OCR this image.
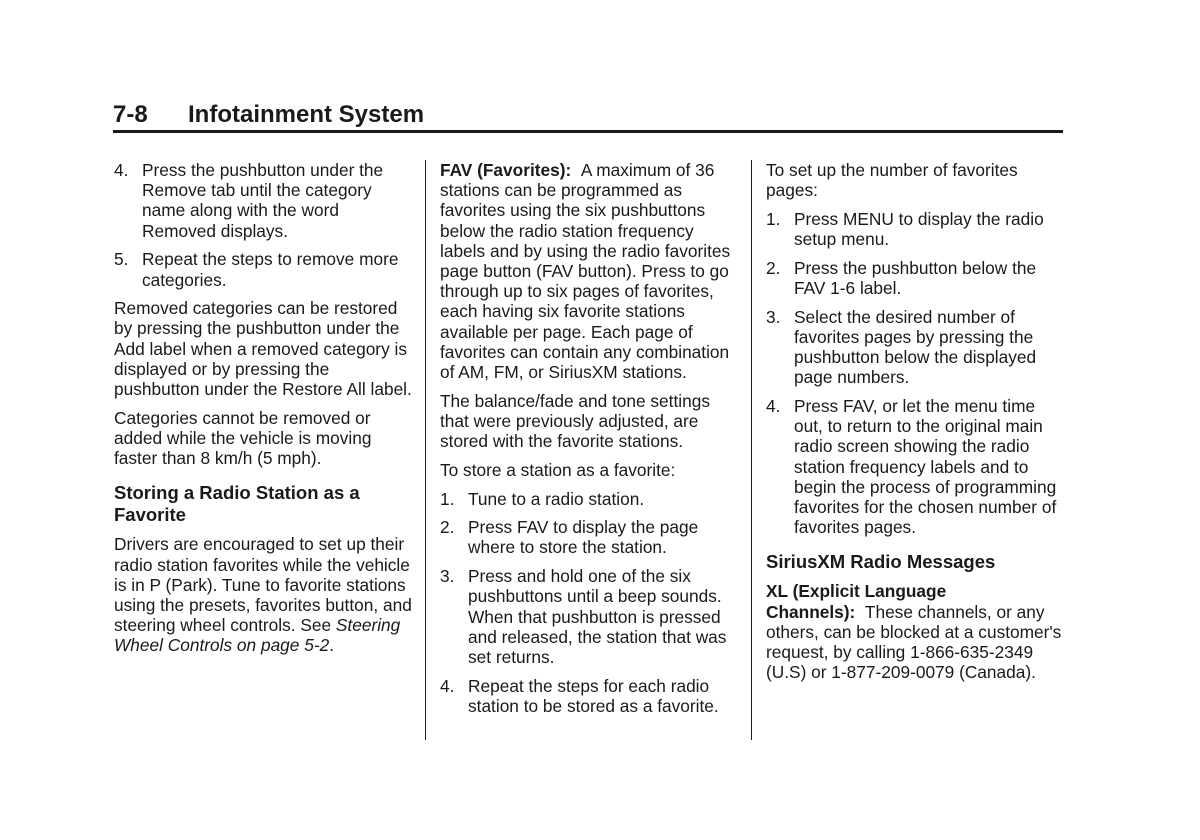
7-8 Infotainment System
4. Press the pushbutton under the Remove tab until the category name along with the word Removed displays.
5. Repeat the steps to remove more categories.

Removed categories can be restored by pressing the pushbutton under the Add label when a removed category is displayed or by pressing the pushbutton under the Restore All label.

Categories cannot be removed or added while the vehicle is moving faster than 8 km/h (5 mph).

Storing a Radio Station as a Favorite

Drivers are encouraged to set up their radio station favorites while the vehicle is in P (Park). Tune to favorite stations using the presets, favorites button, and steering wheel controls. See Steering Wheel Controls on page 5-2.

FAV (Favorites): A maximum of 36 stations can be programmed as favorites using the six pushbuttons below the radio station frequency labels and by using the radio favorites page button (FAV button). Press to go through up to six pages of favorites, each having six favorite stations available per page. Each page of favorites can contain any combination of AM, FM, or SiriusXM stations.

The balance/fade and tone settings that were previously adjusted, are stored with the favorite stations.

To store a station as a favorite:

1. Tune to a radio station.
2. Press FAV to display the page where to store the station.
3. Press and hold one of the six pushbuttons until a beep sounds. When that pushbutton is pressed and released, the station that was set returns.
4. Repeat the steps for each radio station to be stored as a favorite.

To set up the number of favorites pages:

1. Press MENU to display the radio setup menu.
2. Press the pushbutton below the FAV 1-6 label.
3. Select the desired number of favorites pages by pressing the pushbutton below the displayed page numbers.
4. Press FAV, or let the menu time out, to return to the original main radio screen showing the radio station frequency labels and to begin the process of programming favorites for the chosen number of favorites pages.
SiriusXM Radio Messages

XL (Explicit Language Channels): These channels, or any others, can be blocked at a customer's request, by calling 1-866-635-2349 (U.S) or 1-877-209-0079 (Canada).
